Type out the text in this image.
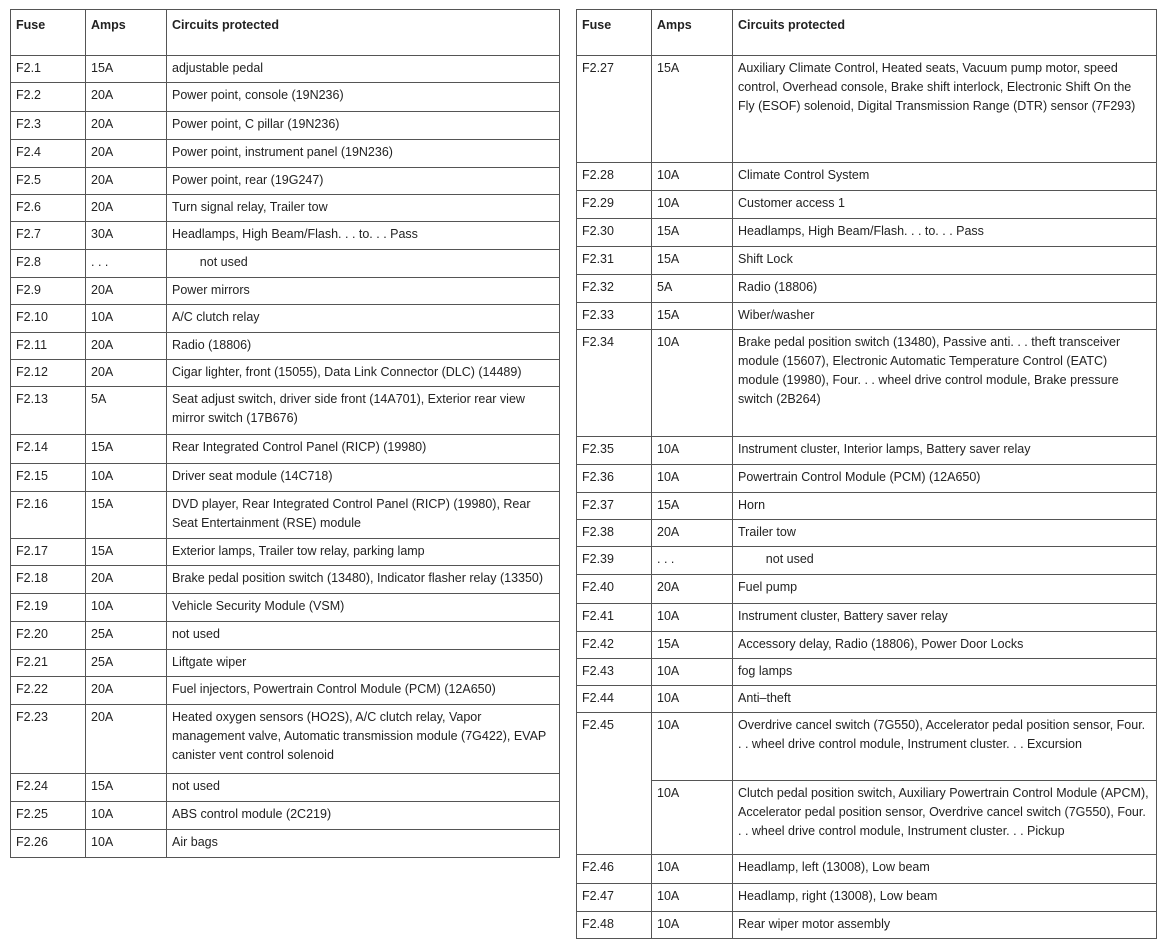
Fuse	Amps	Circuits protected
F2.1	15A	adjustable pedal
F2.2	20A	Power point, console (19N236)
F2.3	20A	Power point, C pillar (19N236)
F2.4	20A	Power point, instrument panel (19N236)
F2.5	20A	Power point, rear (19G247)
F2.6	20A	Turn signal relay, Trailer tow
F2.7	30A	Headlamps, High Beam/Flash. . . to. . . Pass
F2.8	. . .	not used
F2.9	20A	Power mirrors
F2.10	10A	A/C clutch relay
F2.11	20A	Radio (18806)
F2.12	20A	Cigar lighter, front (15055), Data Link Connector (DLC) (14489)
F2.13	5A	Seat adjust switch, driver side front (14A701), Exterior rear view mirror switch (17B676)
F2.14	15A	Rear Integrated Control Panel (RICP) (19980)
F2.15	10A	Driver seat module (14C718)
F2.16	15A	DVD player, Rear Integrated Control Panel (RICP) (19980), Rear Seat Entertainment (RSE) module
F2.17	15A	Exterior lamps, Trailer tow relay, parking lamp
F2.18	20A	Brake pedal position switch (13480), Indicator flasher relay (13350)
F2.19	10A	Vehicle Security Module (VSM)
F2.20	25A	not used
F2.21	25A	Liftgate wiper
F2.22	20A	Fuel injectors, Powertrain Control Module (PCM) (12A650)
F2.23	20A	Heated oxygen sensors (HO2S), A/C clutch relay, Vapor management valve, Automatic transmission module (7G422), EVAP canister vent control solenoid
F2.24	15A	not used
F2.25	10A	ABS control module (2C219)
F2.26	10A	Air bags
Fuse	Amps	Circuits protected
F2.27	15A	Auxiliary Climate Control, Heated seats, Vacuum pump motor, speed control, Overhead console, Brake shift interlock, Electronic Shift On the Fly (ESOF) solenoid, Digital Transmission Range (DTR) sensor (7F293)
F2.28	10A	Climate Control System
F2.29	10A	Customer access 1
F2.30	15A	Headlamps, High Beam/Flash. . . to. . . Pass
F2.31	15A	Shift Lock
F2.32	5A	Radio (18806)
F2.33	15A	Wiber/washer
F2.34	10A	Brake pedal position switch (13480), Passive anti. . . theft transceiver module (15607), Electronic Automatic Temperature Control (EATC) module (19980), Four. . . wheel drive control module, Brake pressure switch (2B264)
F2.35	10A	Instrument cluster, Interior lamps, Battery saver relay
F2.36	10A	Powertrain Control Module (PCM) (12A650)
F2.37	15A	Horn
F2.38	20A	Trailer tow
F2.39	. . .	not used
F2.40	20A	Fuel pump
F2.41	10A	Instrument cluster, Battery saver relay
F2.42	15A	Accessory delay, Radio (18806), Power Door Locks
F2.43	10A	fog lamps
F2.44	10A	Anti–theft
F2.45	10A	Overdrive cancel switch (7G550), Accelerator pedal position sensor, Four. . . wheel drive control module, Instrument cluster. . . Excursion
	10A	Clutch pedal position switch, Auxiliary Powertrain Control Module (APCM), Accelerator pedal position sensor, Overdrive cancel switch (7G550), Four. . . wheel drive control module, Instrument cluster. . . Pickup
F2.46	10A	Headlamp, left (13008), Low beam
F2.47	10A	Headlamp, right (13008), Low beam
F2.48	10A	Rear wiper motor assembly
